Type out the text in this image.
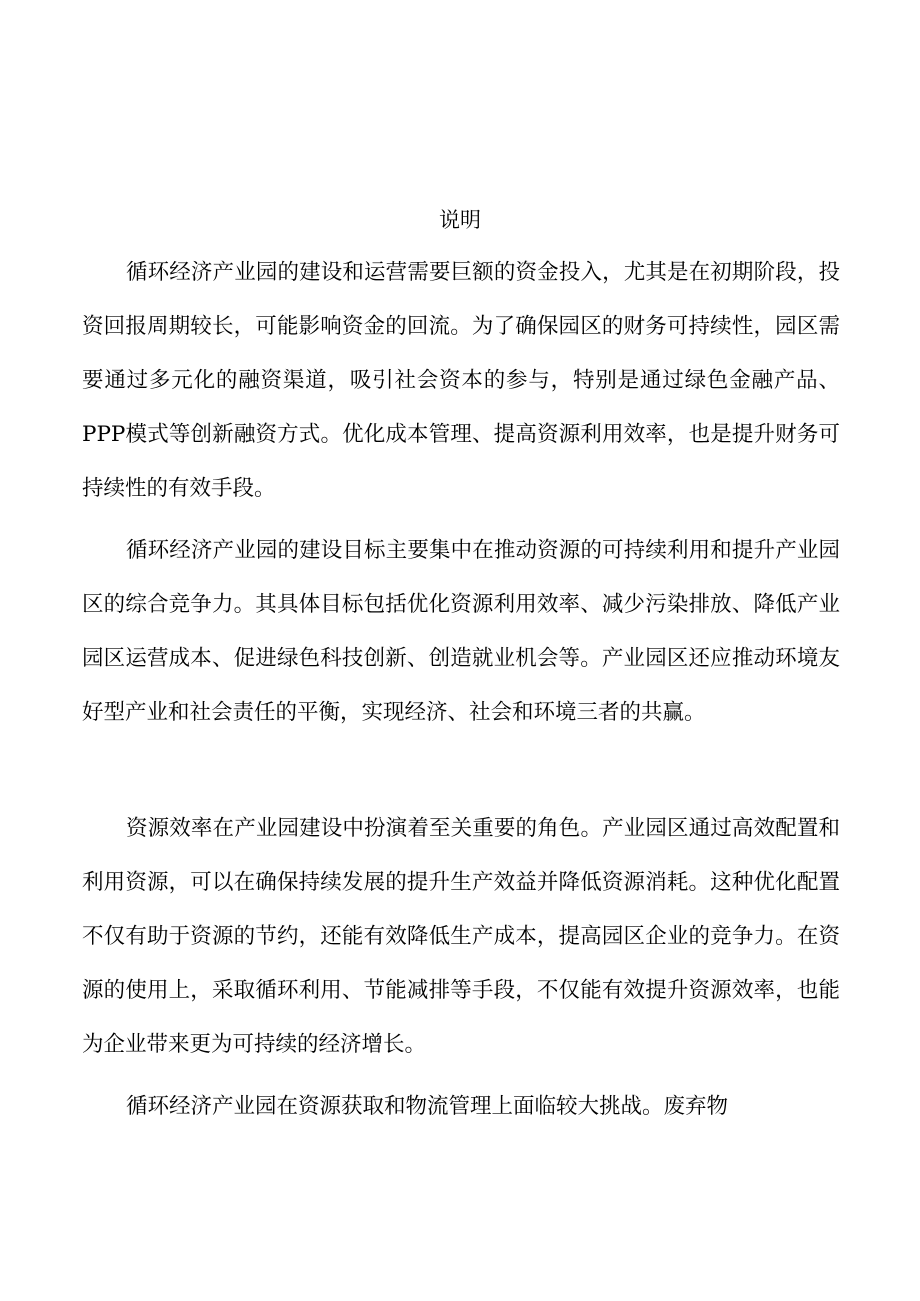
说明

循环经济产业园的建设和运营需要巨额的资金投入，尤其是在初期阶段，投资回报周期较长，可能影响资金的回流。为了确保园区的财务可持续性，园区需要通过多元化的融资渠道，吸引社会资本的参与，特别是通过绿色金融产品、PPP模式等创新融资方式。优化成本管理、提高资源利用效率，也是提升财务可持续性的有效手段。

循环经济产业园的建设目标主要集中在推动资源的可持续利用和提升产业园区的综合竞争力。其具体目标包括优化资源利用效率、减少污染排放、降低产业园区运营成本、促进绿色科技创新、创造就业机会等。产业园区还应推动环境友好型产业和社会责任的平衡，实现经济、社会和环境三者的共赢。

资源效率在产业园建设中扮演着至关重要的角色。产业园区通过高效配置和利用资源，可以在确保持续发展的提升生产效益并降低资源消耗。这种优化配置不仅有助于资源的节约，还能有效降低生产成本，提高园区企业的竞争力。在资源的使用上，采取循环利用、节能减排等手段，不仅能有效提升资源效率，也能为企业带来更为可持续的经济增长。

循环经济产业园在资源获取和物流管理上面临较大挑战。废弃物
